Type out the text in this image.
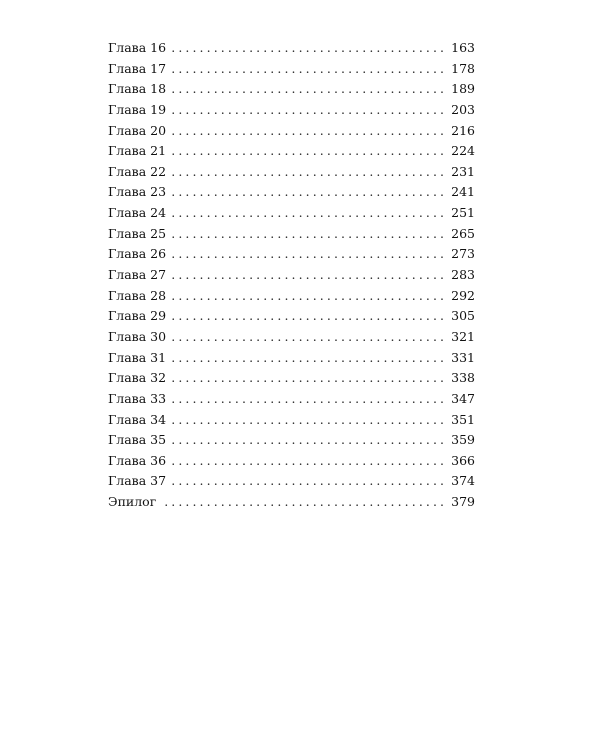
Глава 16 .....	163
Глава 17 .....	178
Глава 18 .....	189
Глава 19 .....	203
Глава 20 .....	216
Глава 21 .....	224
Глава 22 .....	231
Глава 23 .....	241
Глава 24 .....	251
Глава 25 .....	265
Глава 26 .....	273
Глава 27 .....	283
Глава 28 .....	292
Глава 29 .....	305
Глава 30 .....	321
Глава 31 .....	331
Глава 32 .....	338
Глава 33 .....	347
Глава 34 .....	351
Глава 35 .....	359
Глава 36 .....	366
Глава 37 .....	374
Эпилог .....	379
